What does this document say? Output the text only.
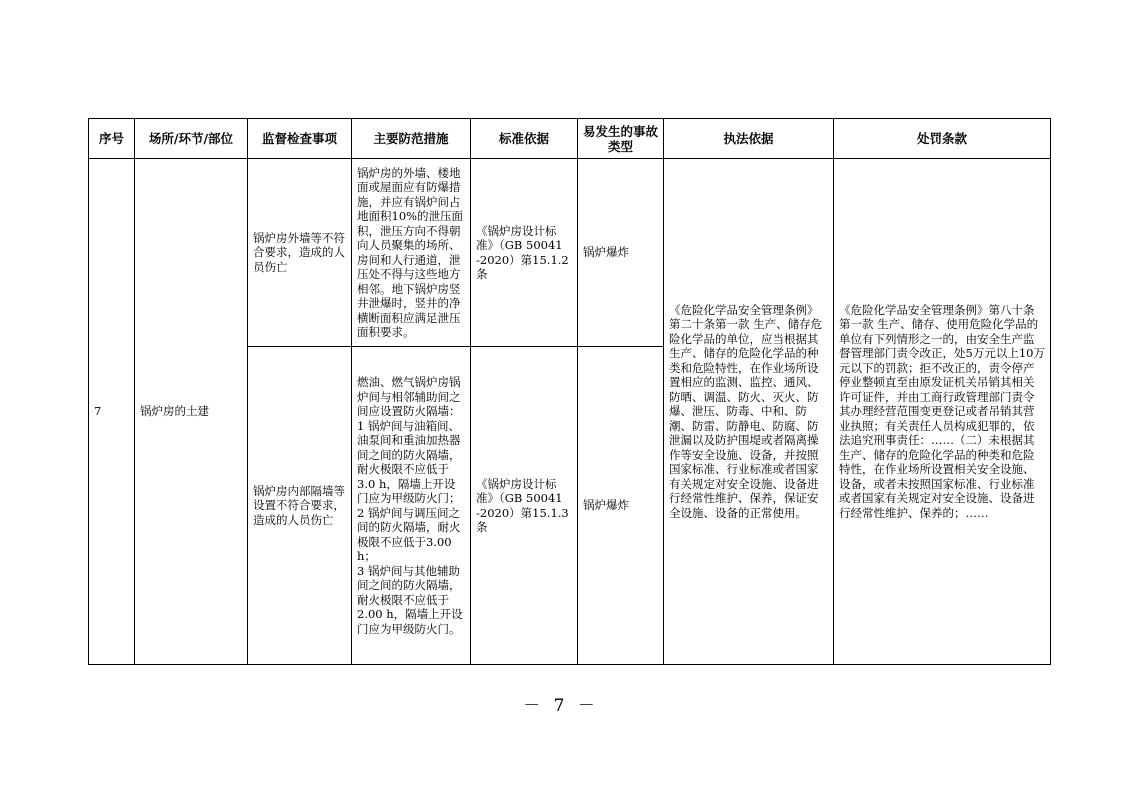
序号	场所/环节/部位	监督检查事项	主要防范措施	标准依据	易发生的事故类型	执法依据	处罚条款
7	锅炉房的土建	锅炉房外墙等不符合要求，造成的人员伤亡	锅炉房的外墙、楼地面或屋面应有防爆措施，并应有锅炉间占地面积10%的泄压面积，泄压方向不得朝向人员聚集的场所、房间和人行通道，泄压处不得与这些地方相邻。地下锅炉房竖井泄爆时，竖井的净横断面积应满足泄压面积要求。	《锅炉房设计标准》（GB 50041 -2020）第15.1.2条	锅炉爆炸	《危险化学品安全管理条例》第二十条第一款 生产、储存危险化学品的单位，应当根据其生产、储存的危险化学品的种类和危险特性，在作业场所设置相应的监测、监控、通风、防晒、调温、防火、灭火、防爆、泄压、防毒、中和、防潮、防雷、防静电、防腐、防泄漏以及防护围堤或者隔离操作等安全设施、设备，并按照国家标准、行业标准或者国家有关规定对安全设施、设备进行经常性维护、保养，保证安全设施、设备的正常使用。	《危险化学品安全管理条例》第八十条第一款 生产、储存、使用危险化学品的单位有下列情形之一的，由安全生产监督管理部门责令改正，处5万元以上10万元以下的罚款；拒不改正的，责令停产停业整顿直至由原发证机关吊销其相关许可证件，并由工商行政管理部门责令其办理经营范围变更登记或者吊销其营业执照；有关责任人员构成犯罪的，依法追究刑事责任：……（二）未根据其生产、储存的危险化学品的种类和危险特性，在作业场所设置相关安全设施、设备，或者未按照国家标准、行业标准或者国家有关规定对安全设施、设备进行经常性维护、保养的；……

		锅炉房内部隔墙等设置不符合要求，造成的人员伤亡	燃油、燃气锅炉房锅炉间与相邻辅助间之间应设置防火隔墙：
1 锅炉间与油箱间、油泵间和重油加热器间之间的防火隔墙，耐火极限不应低于3.0 h，隔墙上开设门应为甲级防火门；
2 锅炉间与调压间之间的防火隔墙，耐火极限不应低于3.00 h；
3 锅炉间与其他辅助间之间的防火隔墙，耐火极限不应低于2.00 h，隔墙上开设门应为甲级防火门。	《锅炉房设计标准》（GB 50041 -2020）第15.1.3条	锅炉爆炸		
－ 7 －
